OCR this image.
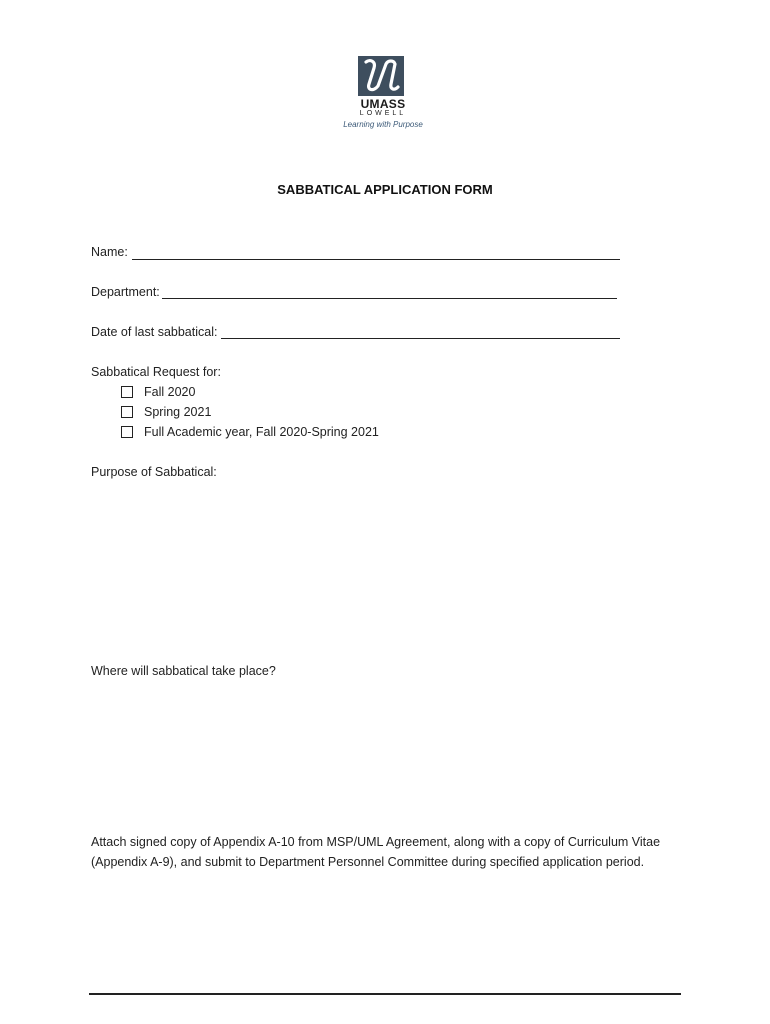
UMASS
LOWELL
Learning with Purpose
SABBATICAL APPLICATION FORM
Name:
Department:
Date of last sabbatical:
Sabbatical Request for:
Fall 2020
Spring 2021
Full Academic year, Fall 2020-Spring 2021
Purpose of Sabbatical:
Where will sabbatical take place?
Attach signed copy of Appendix A-10 from MSP/UML Agreement, along with a copy of Curriculum Vitae (Appendix A-9), and submit to Department Personnel Committee during specified application period.
